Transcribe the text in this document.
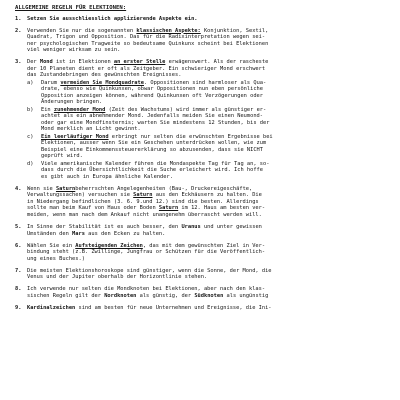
ALLGEMEINE REGELN FÜR ELEKTIONEN:
1.	Setzen Sie ausschliesslich applizierende Aspekte ein.
2.	Verwenden Sie nur die sogenannten klassischen Aspekte: Konjunktion, Sextil,
Quadrat, Trigon und Opposition. Das für die Radixinterpretation wegen sei-
ner psychologischen Tragweite so bedeutsame Quinkunx scheint bei Elektionen
viel weniger wirksam zu sein.
3.	Der Mond ist in Elektionen an erster Stelle erwägenswert. Als der rascheste
der 10 Planeten dient er oft als Zeitgeber. Ein schwieriger Mond erschwert
das Zustandebringen des gewünschten Ereignisses.
a)	Darum vermeiden Sie Mondquadrate. Oppositionen sind harmloser als Qua-
drate, ebenso wie Quinkunxen, obwar Oppositionen nun eben persönliche
Opposition anzeigen können, während Quinkunxen oft Verzögerungen oder
Änderungen bringen.
b)	Ein zunehmender Mond (Zeit des Wachstums) wird immer als günstiger er-
achtet als ein abnehmender Mond. Jedenfalls meiden Sie einen Neumond-
oder gar eine Mondfinsternis; warten Sie mindestens 12 Stunden, bis der
Mond merklich an Licht gewinnt.
c)	Ein leerläufiger Mond erbringt nur selten die erwünschten Ergebnisse bei
Elektionen, ausser wenn Sie ein Geschehen unterdrücken wollen, wie zum
Beispiel eine Einkommenssteuererklärung so abzusenden, dass sie NICHT
geprüft wird.
d)	Viele amerikanische Kalender führen die Mondaspekte Tag für Tag an, so-
dass durch die Übersichtlichkeit die Suche erleichert wird. Ich hoffe
es gibt auch in Europa ähnliche Kalender.
4.	Wenn sie Saturnbeherrschten Angelegenheiten (Bau-, Druckereigeschäfte,
Verwaltungssachen) versuchen sie Saturn aus den Eckhäusern zu halten. Die
in Niedergang befindlichen (3. 6. 9.und 12.) sind die besten. Allerdings
sollte man beim Kauf von Haus oder Boden Saturn im 12. Haus am besten ver-
meiden, wenn man nach dem Ankauf nicht unangenehm überrascht werden will.
5.	In Sinne der Stabilität ist es auch besser, den Uranus und unter gewissen
Umständen den Mars aus den Ecken zu halten.
6.	Wählen Sie ein Aufsteigenden Zeichen, das mit dem gewünschten Ziel in Ver-
bindung steht (z.B. Zwillinge, Jungfrau or Schützen für die Veröffentlich-
ung eines Buches.)
7.	Die meisten Elektionshoroskope sind günstiger, wenn die Sonne, der Mond, die
Venus und der Jupiter oberhalb der Horizontlinie stehen.
8.	Ich verwende nur selten die Mondknoten bei Elektionen, aber nach den klas-
sischen Regeln gilt der Nordknoten als günstig, der Südknoten als ungünstig
9.	Kardinalzeichen sind am besten für neue Unternehmen und Ereignisse, die Ini-
